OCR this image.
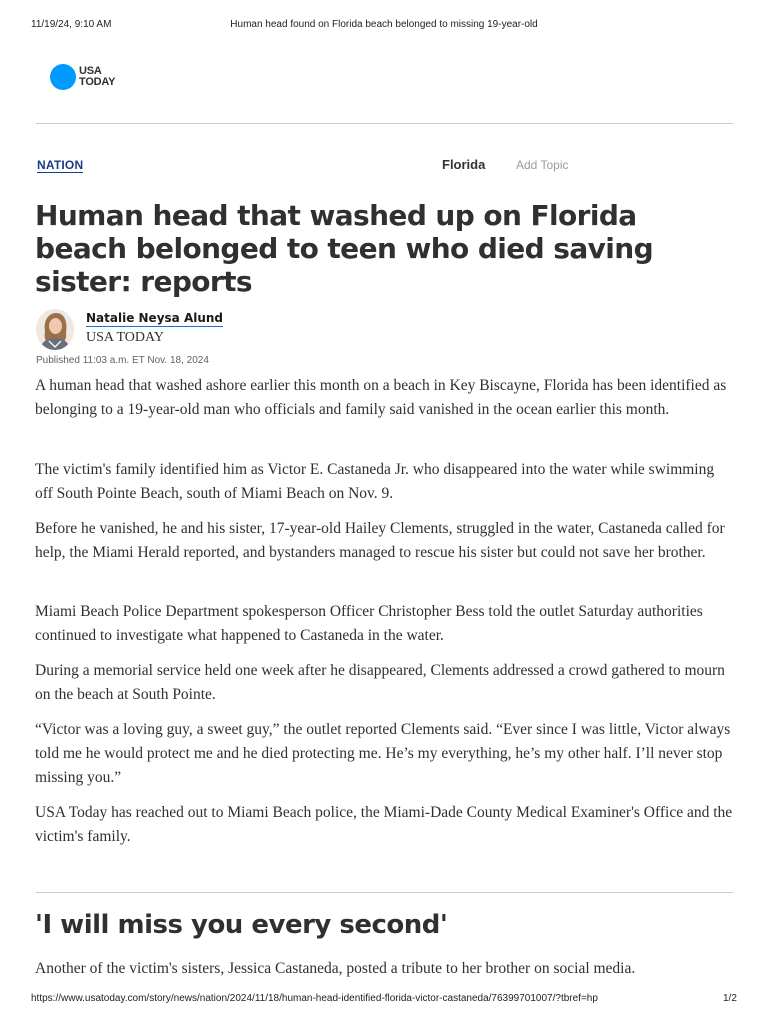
11/19/24, 9:10 AM	Human head found on Florida beach belonged to missing 19-year-old
USA
TODAY
NATION	Florida	Add Topic
Human head that washed up on Florida beach belonged to teen who died saving sister: reports
Natalie Neysa Alund
USA TODAY
Published 11:03 a.m. ET Nov. 18, 2024

A human head that washed ashore earlier this month on a beach in Key Biscayne, Florida has been identified as belonging to a 19-year-old man who officials and family said vanished in the ocean earlier this month.

The victim's family identified him as Victor E. Castaneda Jr. who disappeared into the water while swimming off South Pointe Beach, south of Miami Beach on Nov. 9.

Before he vanished, he and his sister, 17-year-old Hailey Clements, struggled in the water, Castaneda called for help, the Miami Herald reported, and bystanders managed to rescue his sister but could not save her brother.

Miami Beach Police Department spokesperson Officer Christopher Bess told the outlet Saturday authorities continued to investigate what happened to Castaneda in the water.

During a memorial service held one week after he disappeared, Clements addressed a crowd gathered to mourn on the beach at South Pointe.

“Victor was a loving guy, a sweet guy,” the outlet reported Clements said. “Ever since I was little, Victor always told me he would protect me and he died protecting me. He’s my everything, he’s my other half. I’ll never stop missing you.”

USA Today has reached out to Miami Beach police, the Miami-Dade County Medical Examiner's Office and the victim's family.

'I will miss you every second'

Another of the victim's sisters, Jessica Castaneda, posted a tribute to her brother on social media.

https://www.usatoday.com/story/news/nation/2024/11/18/human-head-identified-florida-victor-castaneda/76399701007/?tbref=hp	1/2
